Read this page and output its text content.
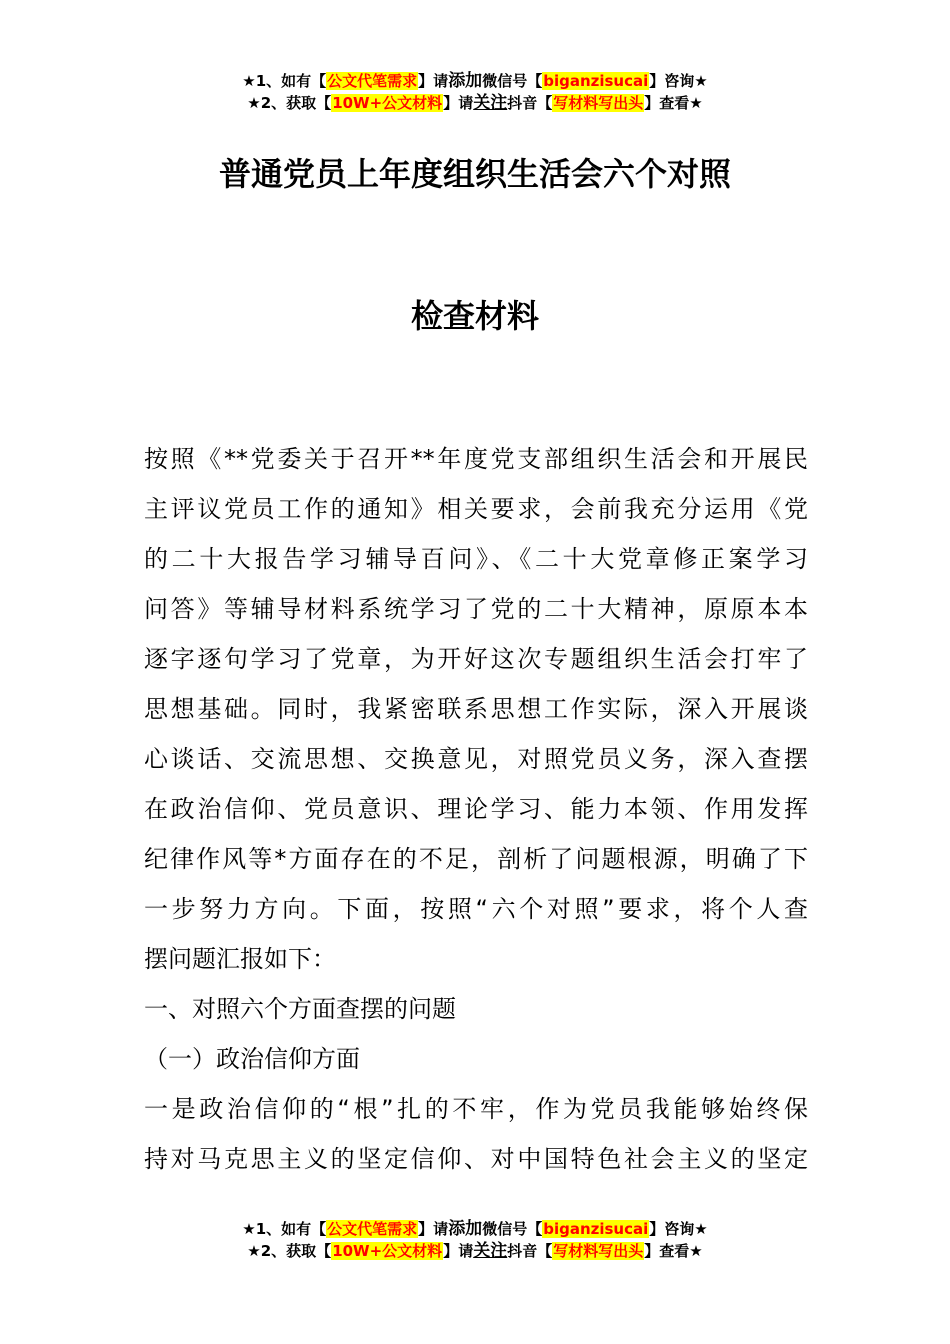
★1、如有【公文代笔需求】请添加微信号【biganzisucai】咨询★
★2、获取【10W+公文材料】请关注抖音【写材料写出头】查看★
普通党员上年度组织生活会六个对照
检查材料
按照《**党委关于召开**年度党支部组织生活会和开展民
主评议党员工作的通知》相关要求，会前我充分运用《党
的二十大报告学习辅导百问》、《二十大党章修正案学习
问答》等辅导材料系统学习了党的二十大精神，原原本本
逐字逐句学习了党章，为开好这次专题组织生活会打牢了
思想基础。同时，我紧密联系思想工作实际，深入开展谈
心谈话、交流思想、交换意见，对照党员义务，深入查摆
在政治信仰、党员意识、理论学习、能力本领、作用发挥
纪律作风等*方面存在的不足，剖析了问题根源，明确了下
一步努力方向。下面，按照“六个对照”要求，将个人查
摆问题汇报如下：
一、对照六个方面查摆的问题
（一）政治信仰方面
一是政治信仰的“根”扎的不牢，作为党员我能够始终保
持对马克思主义的坚定信仰、对中国特色社会主义的坚定
★1、如有【公文代笔需求】请添加微信号【biganzisucai】咨询★
★2、获取【10W+公文材料】请关注抖音【写材料写出头】查看★
